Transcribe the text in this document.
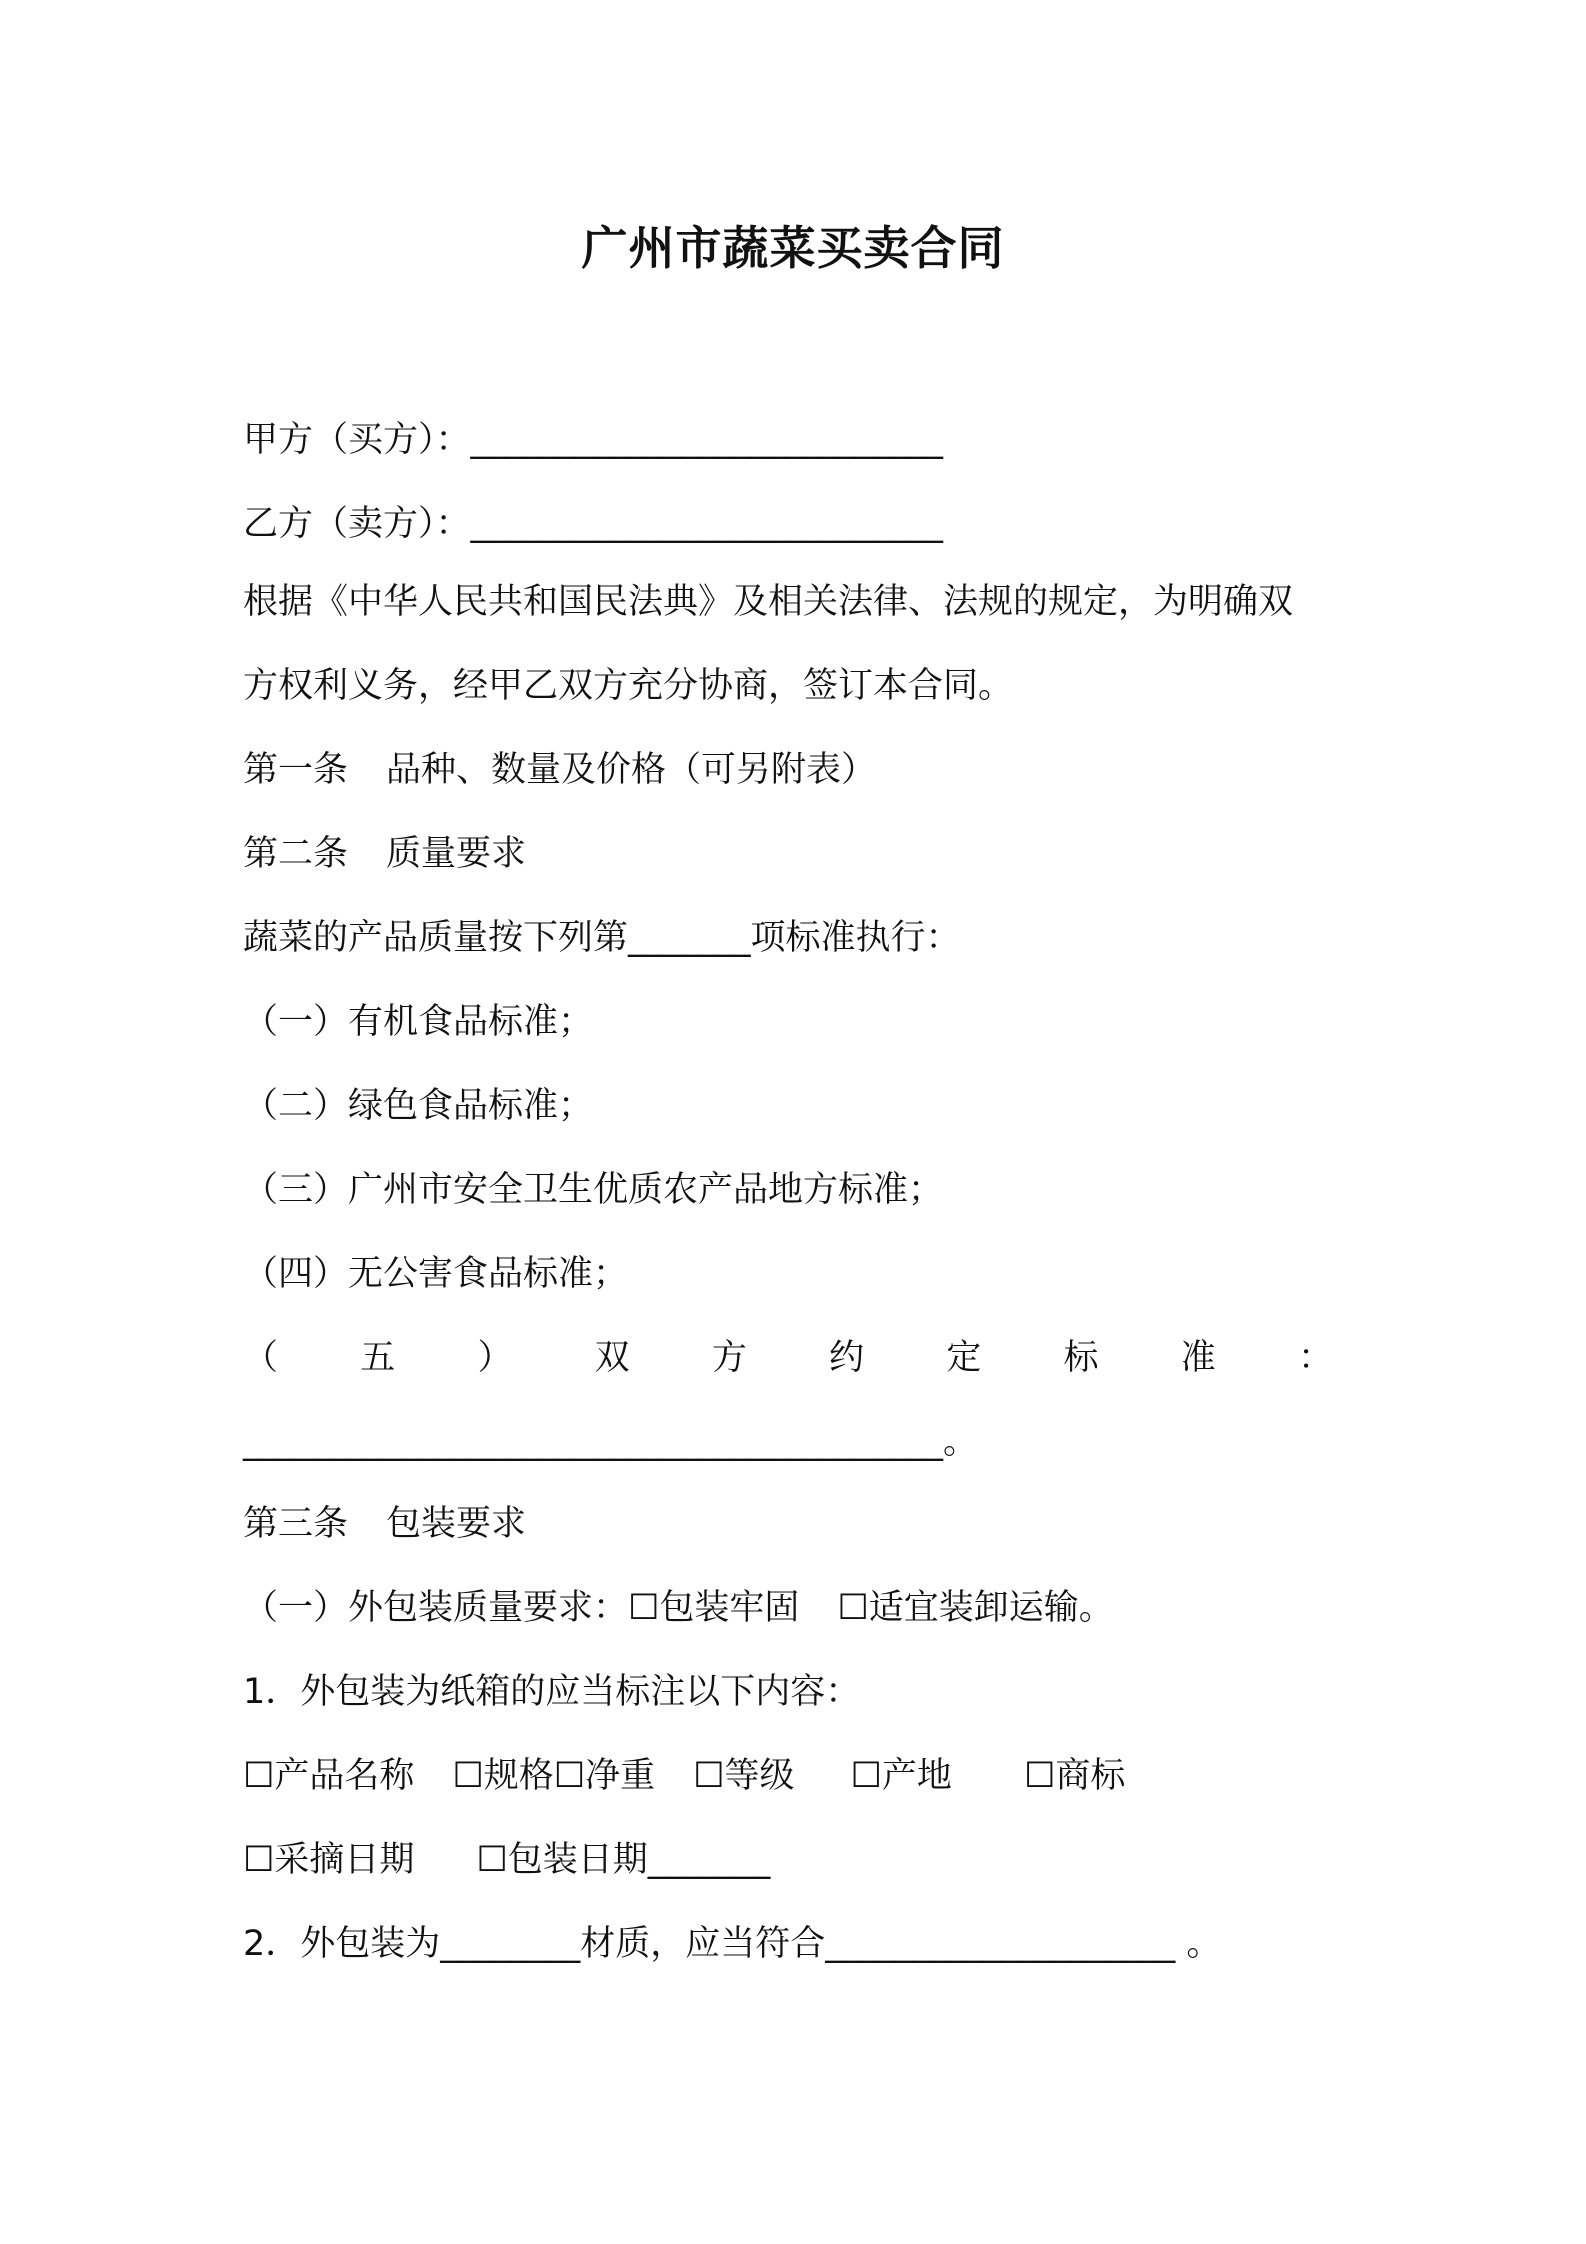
广州市蔬菜买卖合同

甲方（买方）：___________________________

乙方（卖方）：___________________________

根据《中华人民共和国民法典》及相关法律、法规的规定，为明确双

方权利义务，经甲乙双方充分协商，签订本合同。

第一条 品种、数量及价格（可另附表）

第二条 质量要求

蔬菜的产品质量按下列第_______项标准执行：

（一）有机食品标准；

（二）绿色食品标准；

（三）广州市安全卫生优质农产品地方标准；

（四）无公害食品标准；

（ 五 ） 双 方 约 定 标 准 ：

________________________________________。

第三条 包装要求

（一）外包装质量要求：☐包装牢固 ☐适宜装卸运输。

1．外包装为纸箱的应当标注以下内容：

☐产品名称 ☐规格☐净重 ☐等级 ☐产地 ☐商标

☐采摘日期 ☐包装日期_______

2．外包装为________材质，应当符合____________________ 。
